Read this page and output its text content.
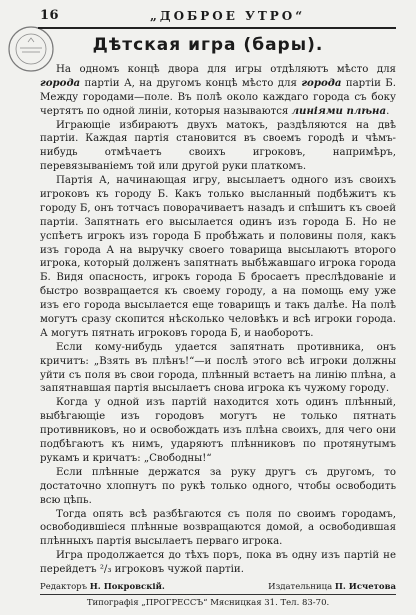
16	„ДОБРОЕ УТРО“
Дѣтская игра (бары).

На одномъ концѣ двора для игры отдѣляютъ мѣсто для города партіи А, на другомъ концѣ мѣсто для города партіи Б. Между городами—поле. Въ полѣ около каждаго города съ боку чертятъ по одной линіи, которыя называются линіями плѣна.

Играющіе избираютъ двухъ матокъ, раздѣляются на двѣ партіи. Каждая партія становится въ своемъ городѣ и чѣмъ-нибудь отмѣчаетъ своихъ игроковъ, напримѣръ, перевязываніемъ той или другой руки платкомъ.

Партія А, начинающая игру, высылаетъ одного изъ своихъ игроковъ къ городу Б. Какъ только высланный подбѣжитъ къ городу Б, онъ тотчасъ поворачиваетъ назадъ и спѣшитъ къ своей партіи. Запятнать его высылается одинъ изъ города Б. Но не успѣетъ игрокъ изъ города Б пробѣжать и половины поля, какъ изъ города А на выручку своего товарища высылаютъ второго игрока, который долженъ запятнать выбѣжавшаго игрока города Б. Видя опасность, игрокъ города Б бросаетъ преслѣдованіе и быстро возвращается къ своему городу, а на помощь ему уже изъ его города высылается еще товарищъ и такъ далѣе. На полѣ могутъ сразу скопится нѣсколько человѣкъ и всѣ игроки города. А могутъ пятнать игроковъ города Б, и наоборотъ.

Если кому-нибудь удается запятнать противника, онъ кричитъ: „Взять въ плѣнъ!“—и послѣ этого всѣ игроки должны уйти съ поля въ свои города, плѣнный встаетъ на линію плѣна, а запятнавшая партія высылаетъ снова игрока къ чужому городу.

Когда у одной изъ партій находится хоть одинъ плѣнный, выбѣгающіе изъ городовъ могутъ не только пятнать противниковъ, но и освобождать изъ плѣна своихъ, для чего они подбѣгаютъ къ нимъ, ударяютъ плѣнниковъ по протянутымъ рукамъ и кричатъ: „Свободны!“

Если плѣнные держатся за руку другъ съ другомъ, то достаточно хлопнутъ по рукѣ только одного, чтобы освободить всю цѣпь.

Тогда опять всѣ разбѣгаются съ поля по своимъ городамъ, освободившіеся плѣнные возвращаются домой, а освободившая плѣнныхъ партія высылаетъ перваго игрока.

Игра продолжается до тѣхъ поръ, пока въ одну изъ партій не перейдетъ ²/₃ игроковъ чужой партіи.

Редакторъ Н. Покровскій.	Издательница П. Исчетова
Типографія „ПРОГРЕССЪ“ Мясницкая 31. Тел. 83-70.
